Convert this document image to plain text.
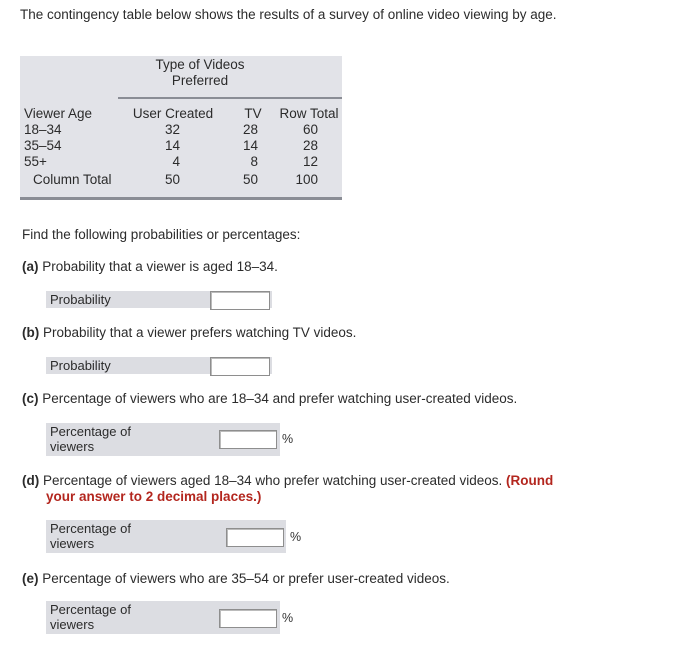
The contingency table below shows the results of a survey of online video viewing by age.
Type of Videos
Preferred
Viewer Age	User Created	TV	Row Total
18–34	32	28	60
35–54	14	14	28
55+	4	8	12
Column Total	50	50	100
Find the following probabilities or percentages:
(a) Probability that a viewer is aged 18–34.
Probability
(b) Probability that a viewer prefers watching TV videos.
Probability
(c) Percentage of viewers who are 18–34 and prefer watching user-created videos.
Percentage of
viewers	%
(d) Percentage of viewers aged 18–34 who prefer watching user-created videos. (Round
your answer to 2 decimal places.)
Percentage of
viewers	%
(e) Percentage of viewers who are 35–54 or prefer user-created videos.
Percentage of
viewers	%
